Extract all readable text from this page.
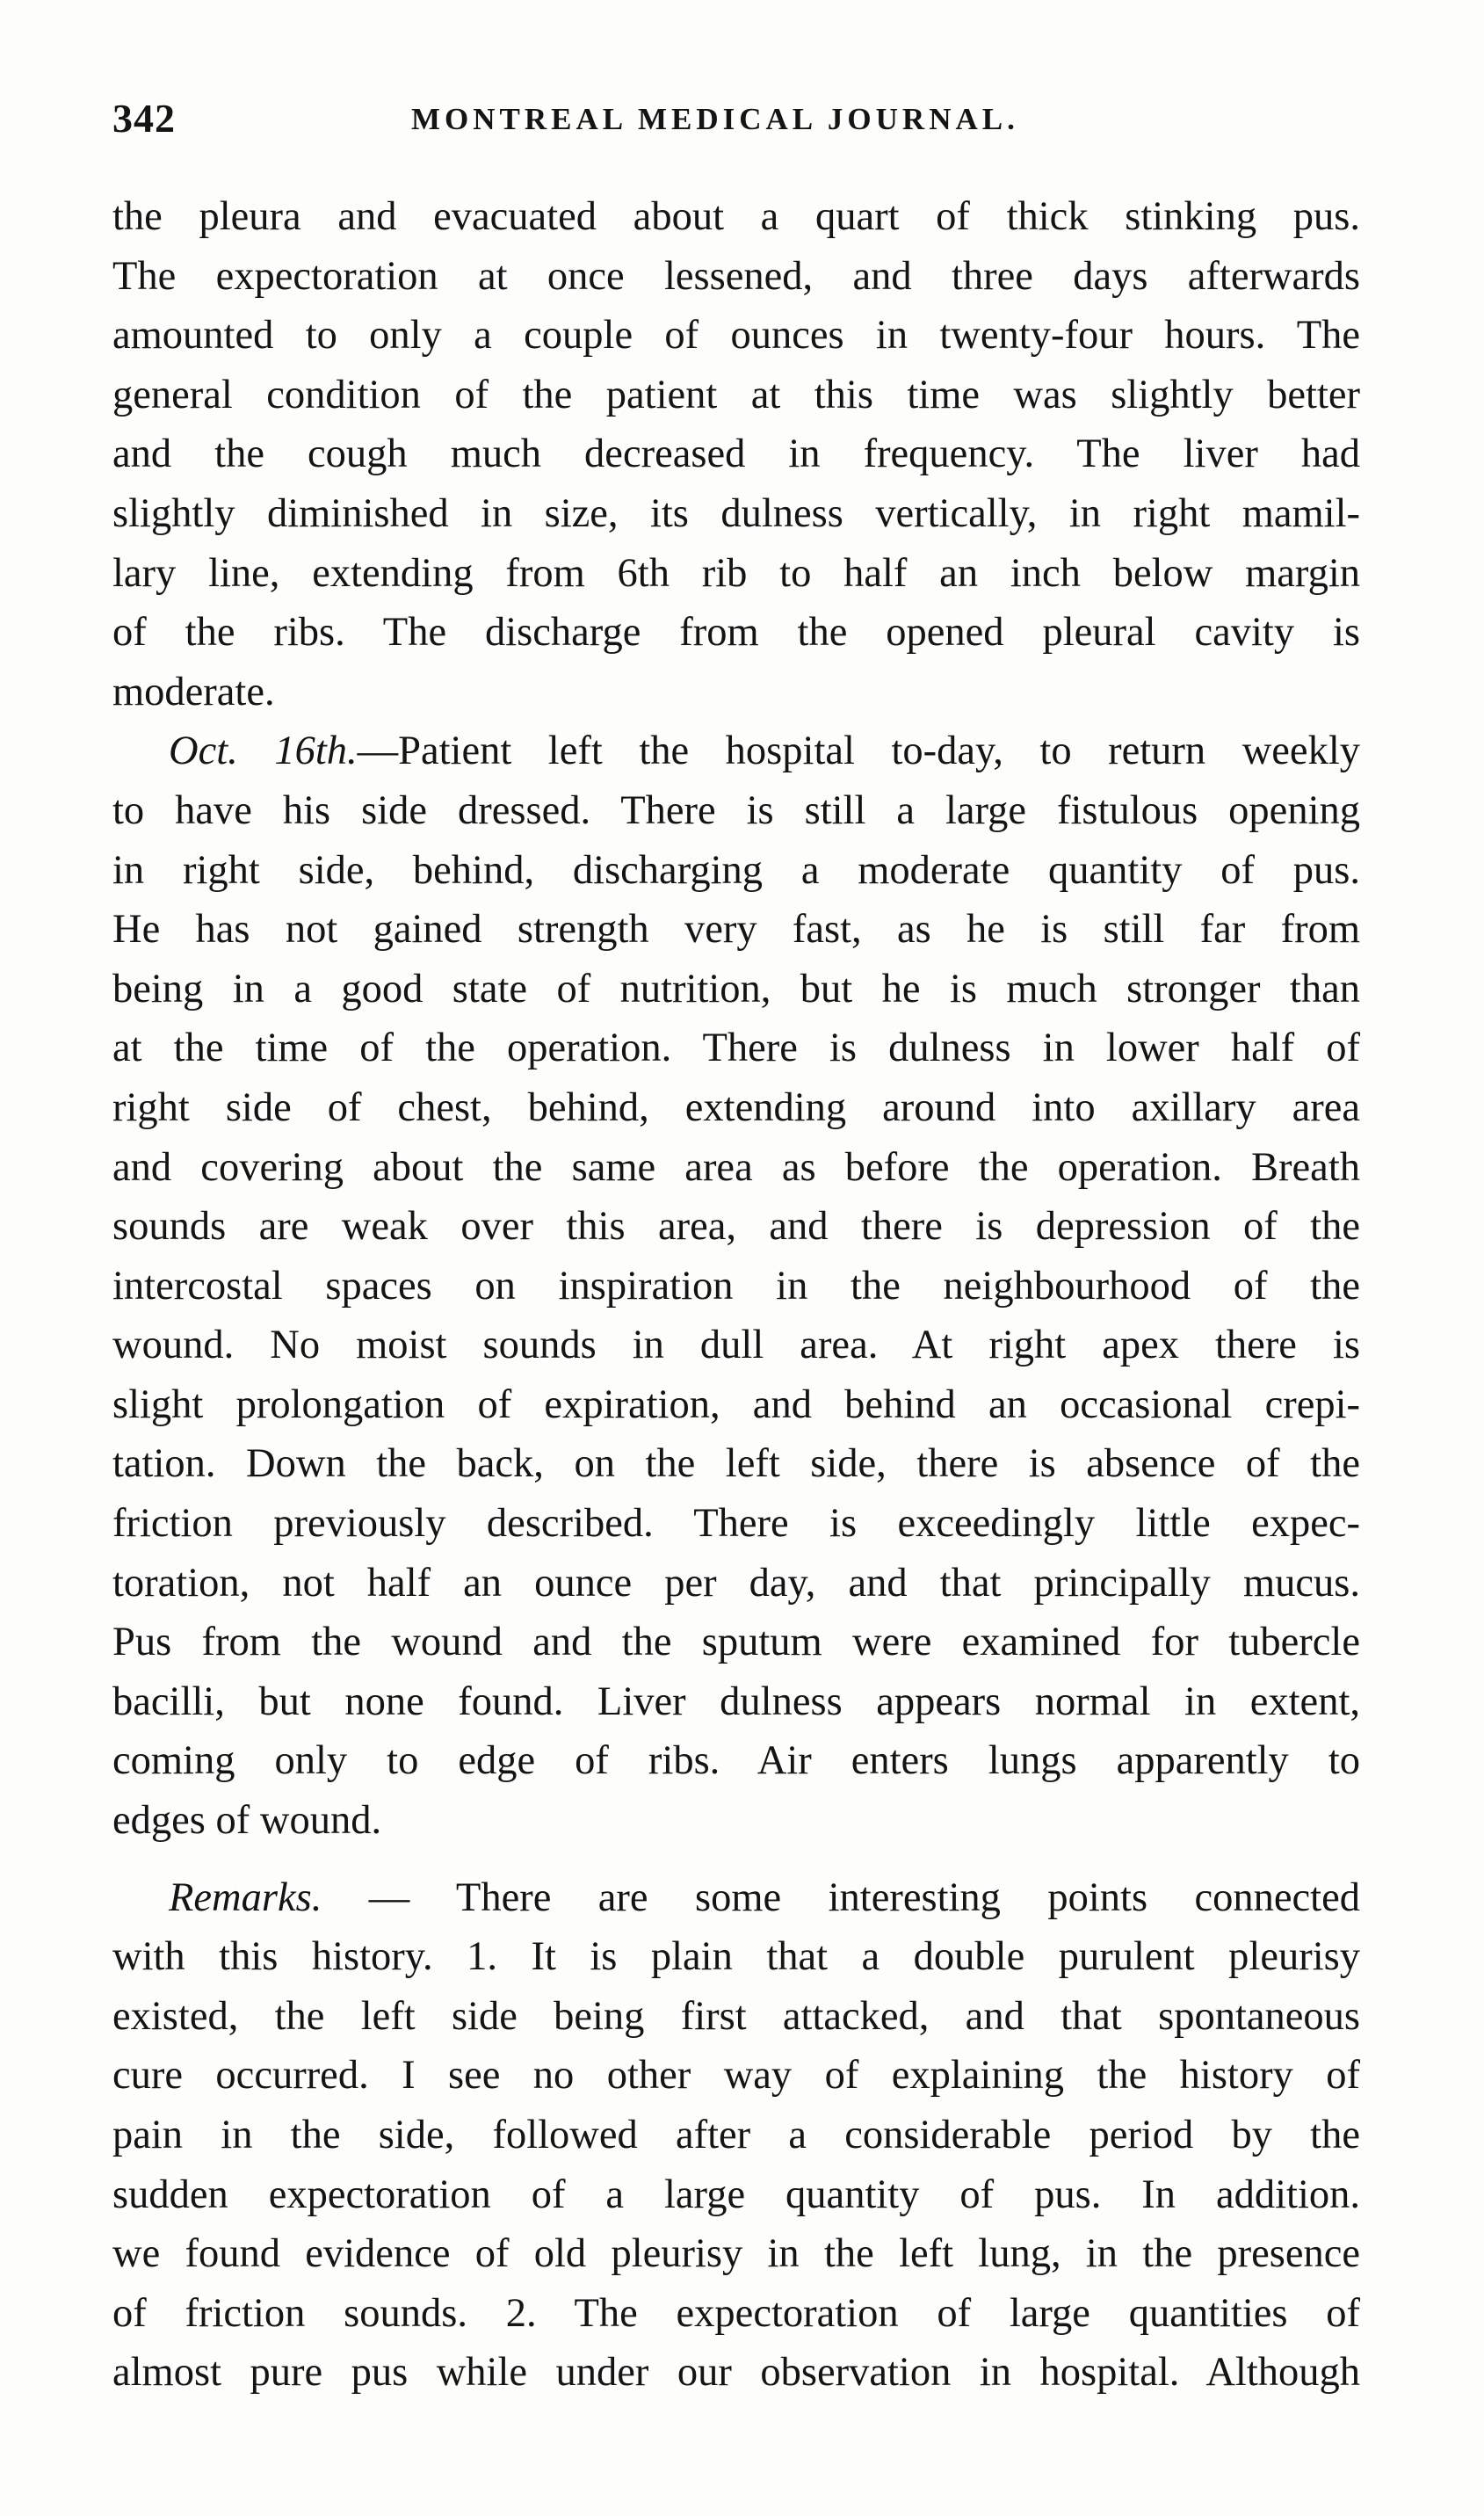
342	MONTREAL MEDICAL JOURNAL.
the pleura and evacuated about a quart of thick stinking pus.
The expectoration at once lessened, and three days afterwards
amounted to only a couple of ounces in twenty-four hours. The
general condition of the patient at this time was slightly better
and the cough much decreased in frequency. The liver had
slightly diminished in size, its dulness vertically, in right mamil-
lary line, extending from 6th rib to half an inch below margin
of the ribs. The discharge from the opened pleural cavity is
moderate.
Oct. 16th.—Patient left the hospital to-day, to return weekly
to have his side dressed. There is still a large fistulous opening
in right side, behind, discharging a moderate quantity of pus.
He has not gained strength very fast, as he is still far from
being in a good state of nutrition, but he is much stronger than
at the time of the operation. There is dulness in lower half of
right side of chest, behind, extending around into axillary area
and covering about the same area as before the operation. Breath
sounds are weak over this area, and there is depression of the
intercostal spaces on inspiration in the neighbourhood of the
wound. No moist sounds in dull area. At right apex there is
slight prolongation of expiration, and behind an occasional crepi-
tation. Down the back, on the left side, there is absence of the
friction previously described. There is exceedingly little expec-
toration, not half an ounce per day, and that principally mucus.
Pus from the wound and the sputum were examined for tubercle
bacilli, but none found. Liver dulness appears normal in extent,
coming only to edge of ribs. Air enters lungs apparently to
edges of wound.
Remarks. — There are some interesting points connected
with this history. 1. It is plain that a double purulent pleurisy
existed, the left side being first attacked, and that spontaneous
cure occurred. I see no other way of explaining the history of
pain in the side, followed after a considerable period by the
sudden expectoration of a large quantity of pus. In addition.
we found evidence of old pleurisy in the left lung, in the presence
of friction sounds. 2. The expectoration of large quantities of
almost pure pus while under our observation in hospital. Although
